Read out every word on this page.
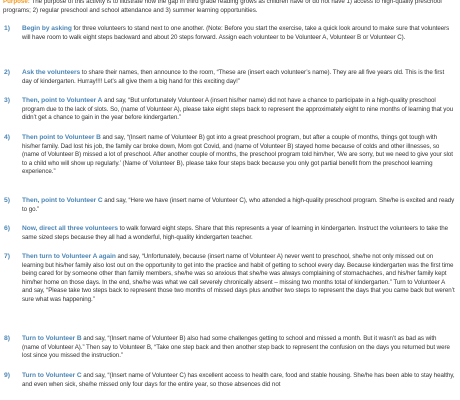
Purpose: The purpose of this activity is to illustrate how the gap in third grade reading grows as children have or do not have 1) access to high-quality preschool programs; 2) regular preschool and school attendance and 3) summer learning opportunities.

1)	Begin by asking for three volunteers to stand next to one another. (Note: Before you start the exercise, take a quick look around to make sure that volunteers will have room to walk eight steps backward and about 20 steps forward. Assign each volunteer to be Volunteer A, Volunteer B or Volunteer C).

2)	Ask the volunteers to share their names, then announce to the room, “These are (insert each volunteer’s name). They are all five years old. This is the first day of kindergarten. Hurray!!!! Let’s all give them a big hand for this exciting day!”

3)	Then, point to Volunteer A and say, “But unfortunately Volunteer A (insert his/her name) did not have a chance to participate in a high-quality preschool program due to the lack of slots. So, (name of Volunteer A), please take eight steps back to represent the approximately eight to nine months of learning that you didn’t get a chance to gain in the year before kindergarten.”

4)	Then point to Volunteer B and say, “(Insert name of Volunteer B) got into a great preschool program, but after a couple of months, things got tough with his/her family. Dad lost his job, the family car broke down, Mom got Covid, and (name of Volunteer B) stayed home because of colds and other illnesses, so (name of Volunteer B) missed a lot of preschool. After another couple of months, the preschool program told him/her, ‘We are sorry, but we need to give your slot to a child who will show up regularly.’ (Name of Volunteer B), please take four steps back because you only got partial benefit from the preschool learning experience.”

5)	Then, point to Volunteer C and say, “Here we have (insert name of Volunteer C), who attended a high-quality preschool program. She/he is excited and ready to go.”

6)	Now, direct all three volunteers to walk forward eight steps. Share that this represents a year of learning in kindergarten. Instruct the volunteers to take the same sized steps because they all had a wonderful, high-quality kindergarten teacher.

7)	Then turn to Volunteer A again and say, “Unfortunately, because (insert name of Volunteer A) never went to preschool, she/he not only missed out on learning but his/her family also lost out on the opportunity to get into the practice and habit of getting to school every day. Because kindergarten was the first time being cared for by someone other than family members, she/he was so anxious that she/he was always complaining of stomachaches, and his/her family kept him/her home on those days. In the end, she/he was what we call severely chronically absent – missing two months total of kindergarten.” Turn to Volunteer A and say, “Please take two steps back to represent those two months of missed days plus another two steps to represent the days that you came back but weren’t sure what was happening.”

8)	Turn to Volunteer B and say, “(Insert name of Volunteer B) also had some challenges getting to school and missed a month. But it wasn’t as bad as with (name of Volunteer A).” Then say to Volunteer B, “Take one step back and then another step back to represent the confusion on the days you returned but were lost since you missed the instruction.”

9)	Turn to Volunteer C and say, “(Insert name of Volunteer C) has excellent access to health care, food and stable housing. She/he has been able to stay healthy, and even when sick, she/he missed only four days for the entire year, so those absences did not
